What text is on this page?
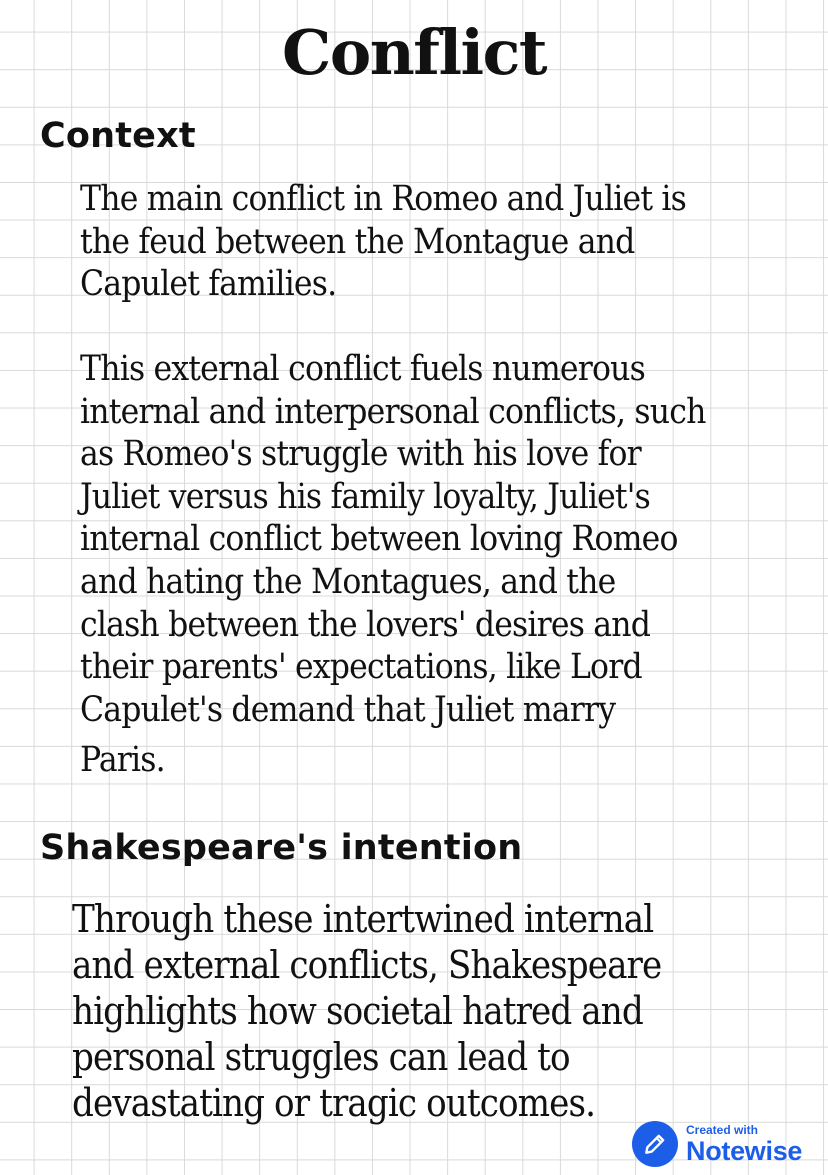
Conflict
Context
The main conflict in Romeo and Juliet is
the feud between the Montague and
Capulet families.
This external conflict fuels numerous
internal and interpersonal conflicts, such
as Romeo's struggle with his love for
Juliet versus his family loyalty, Juliet's
internal conflict between loving Romeo
and hating the Montagues, and the
clash between the lovers' desires and
their parents' expectations, like Lord
Capulet's demand that Juliet marry
Paris.
Shakespeare's intention
Through these intertwined internal
and external conflicts, Shakespeare
highlights how societal hatred and
personal struggles can lead to
devastating or tragic outcomes.
Created with
Notewise
